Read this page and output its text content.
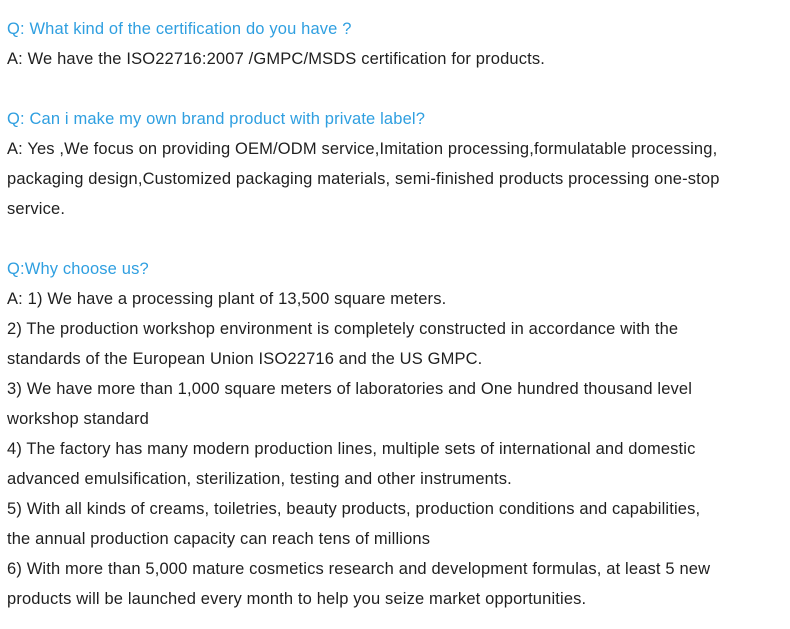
Q: What kind of the certification do you have ?
A: We have the ISO22716:2007 /GMPC/MSDS certification for products.
Q: Can i make my own brand product with private label?
A: Yes ,We focus on providing OEM/ODM service,Imitation processing,formulatable processing,
packaging design,Customized packaging materials, semi-finished products processing one-stop
service.
Q:Why choose us?
A: 1) We have a processing plant of 13,500 square meters.
2) The production workshop environment is completely constructed in accordance with the
standards of the European Union ISO22716 and the US GMPC.
3) We have more than 1,000 square meters of laboratories and One hundred thousand level
workshop standard
4) The factory has many modern production lines, multiple sets of international and domestic
advanced emulsification, sterilization, testing and other instruments.
5) With all kinds of creams, toiletries, beauty products, production conditions and capabilities,
the annual production capacity can reach tens of millions
6) With more than 5,000 mature cosmetics research and development formulas, at least 5 new
products will be launched every month to help you seize market opportunities.
